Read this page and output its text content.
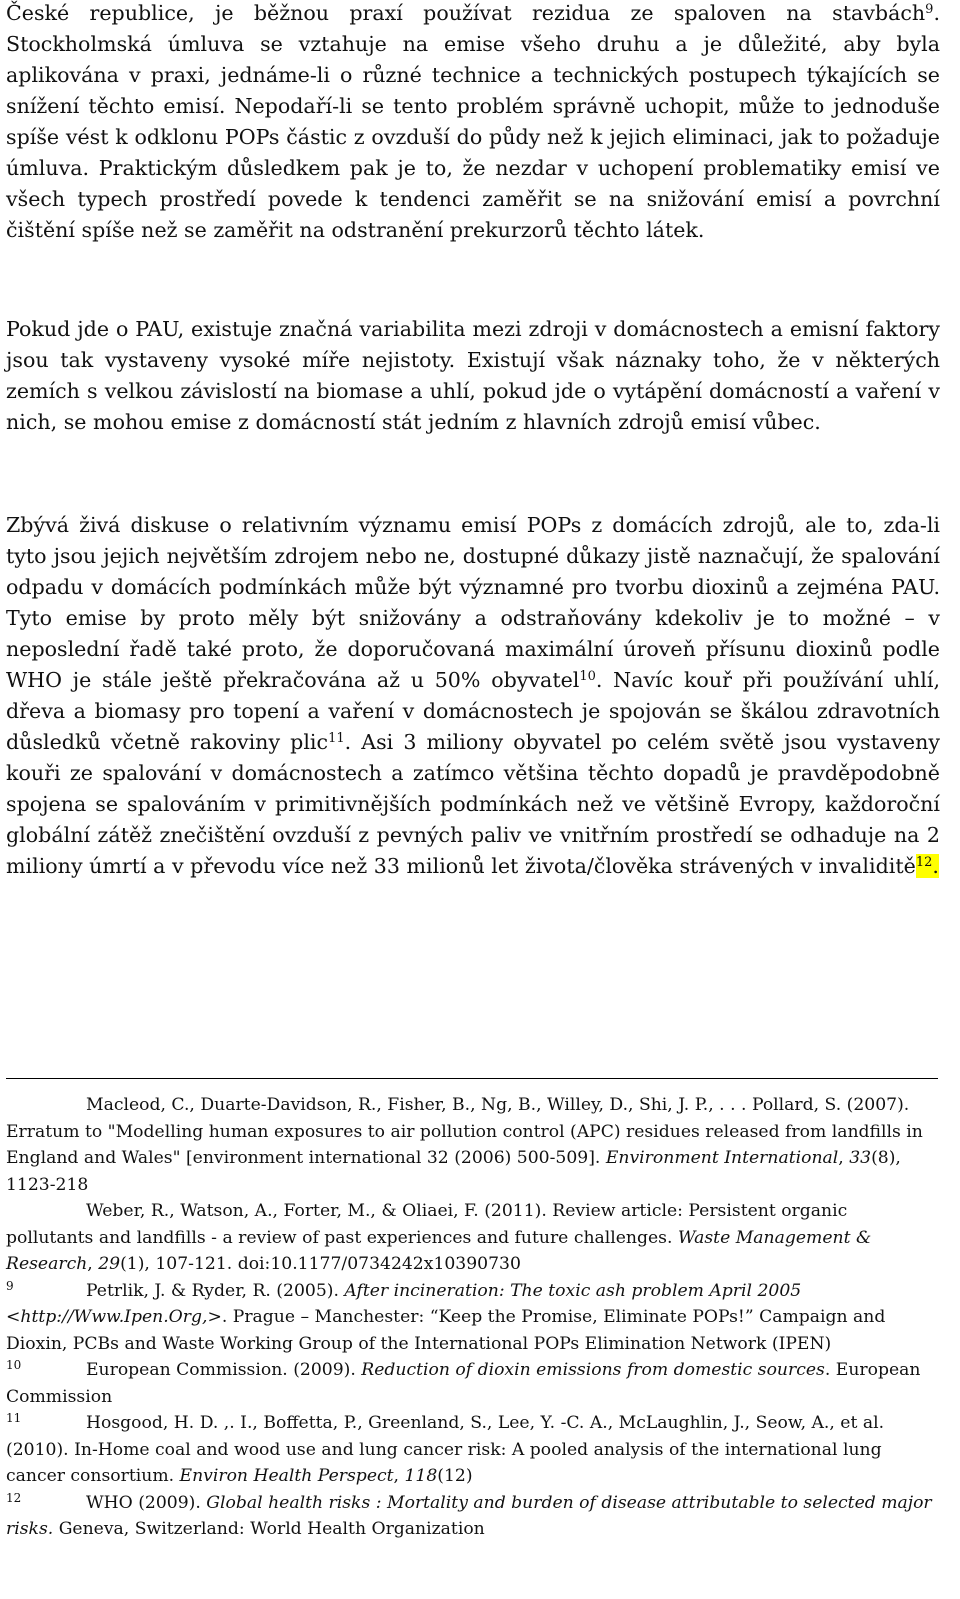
České republice, je běžnou praxí používat rezidua ze spaloven na stavbách$^9$. Stockholmská úmluva se vztahuje na emise všeho druhu a je důležité, aby byla aplikována v praxi, jednáme-li o různé technice a technických postupech týkajících se snížení těchto emisí. Nepodaří-li se tento problém správně uchopit, může to jednoduše spíše vést k odklonu POPs částic z ovzduší do půdy než k jejich eliminaci, jak to požaduje úmluva. Praktickým důsledkem pak je to, že nezdar v uchopení problematiky emisí ve všech typech prostředí povede k tendenci zaměřit se na snižování emisí a povrchní čištění spíše než se zaměřit na odstranění prekurzorů těchto látek.

Pokud jde o PAU, existuje značná variabilita mezi zdroji v domácnostech a emisní faktory jsou tak vystaveny vysoké míře nejistoty. Existují však náznaky toho, že v některých zemích s velkou závislostí na biomase a uhlí, pokud jde o vytápění domácností a vaření v nich, se mohou emise z domácností stát jedním z hlavních zdrojů emisí vůbec.

Zbývá živá diskuse o relativním významu emisí POPs z domácích zdrojů, ale to, zda-li tyto jsou jejich největším zdrojem nebo ne, dostupné důkazy jistě naznačují, že spalování odpadu v domácích podmínkách může být významné pro tvorbu dioxinů a zejména PAU. Tyto emise by proto měly být snižovány a odstraňovány kdekoliv je to možné – v neposlední řadě také proto, že doporučovaná maximální úroveň přísunu dioxinů podle WHO je stále ještě překračována až u 50% obyvatel$^{10}$. Navíc kouř při používání uhlí, dřeva a biomasy pro topení a vaření v domácnostech je spojován se škálou zdravotních důsledků včetně rakoviny plic$^{11}$. Asi 3 miliony obyvatel po celém světě jsou vystaveny kouři ze spalování v domácnostech a zatímco většina těchto dopadů je pravděpodobně spojena se spalováním v primitivnějších podmínkách než ve většině Evropy, každoroční globální zátěž znečištění ovzduší z pevných paliv ve vnitřním prostředí se odhaduje na 2 miliony úmrtí a v převodu více než 33 milionů let života/člověka strávených v invaliditě$^{12}$.

Macleod, C., Duarte-Davidson, R., Fisher, B., Ng, B., Willey, D., Shi, J. P., . . . Pollard, S. (2007). Erratum to "Modelling human exposures to air pollution control (APC) residues released from landfills in England and Wales" [environment international 32 (2006) 500-509]. Environment International, 33(8), 1123-218

Weber, R., Watson, A., Forter, M., & Oliaei, F. (2011). Review article: Persistent organic pollutants and landfills - a review of past experiences and future challenges. Waste Management & Research, 29(1), 107-121. doi:10.1177/0734242x10390730

9	Petrlik, J. & Ryder, R. (2005). After incineration: The toxic ash problem April 2005 <http://Www.Ipen.Org,>. Prague – Manchester: “Keep the Promise, Eliminate POPs!” Campaign and Dioxin, PCBs and Waste Working Group of the International POPs Elimination Network (IPEN)

10	European Commission. (2009). Reduction of dioxin emissions from domestic sources. European Commission

11	Hosgood, H. D. ,. I., Boffetta, P., Greenland, S., Lee, Y. -C. A., McLaughlin, J., Seow, A., et al. (2010). In-Home coal and wood use and lung cancer risk: A pooled analysis of the international lung cancer consortium. Environ Health Perspect, 118(12)

12	WHO (2009). Global health risks : Mortality and burden of disease attributable to selected major risks. Geneva, Switzerland: World Health Organization
